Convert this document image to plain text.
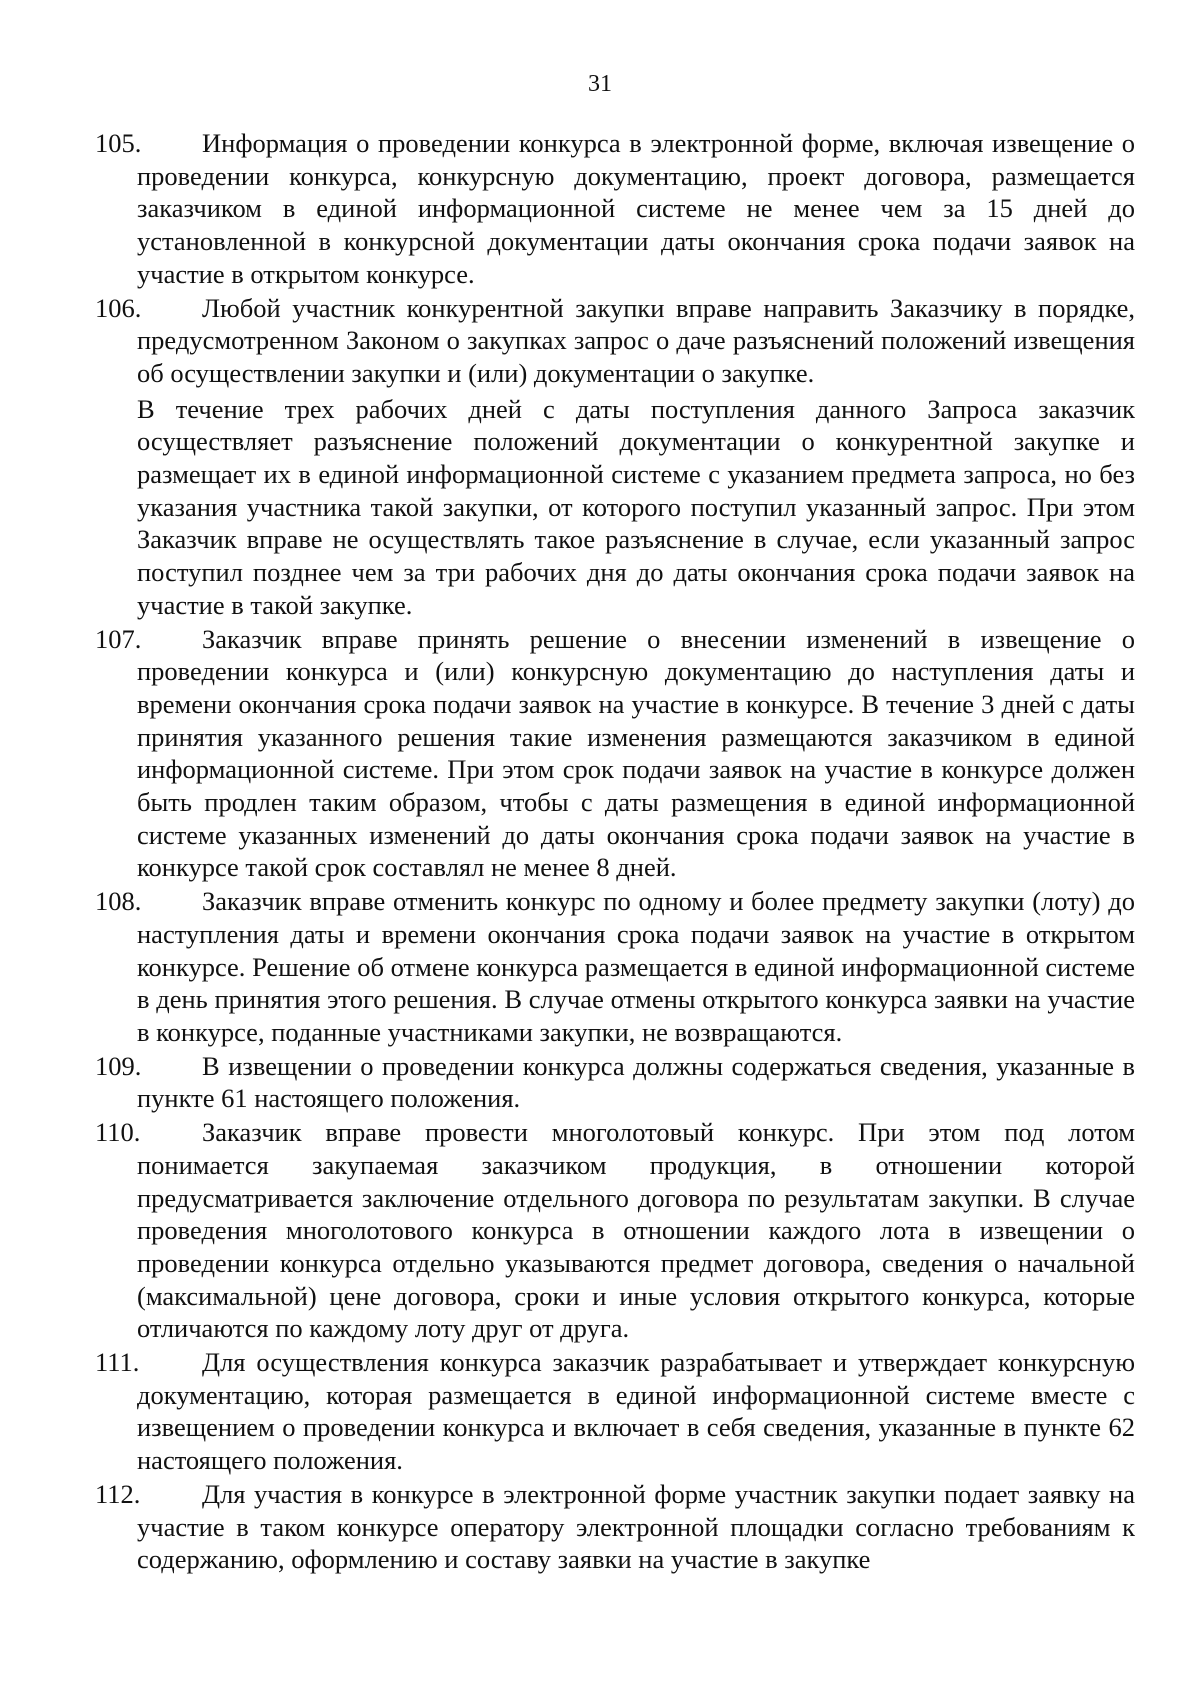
31
105.	Информация о проведении конкурса в электронной форме, включая извещение о проведении конкурса, конкурсную документацию, проект договора, размещается заказчиком в единой информационной системе не менее чем за 15 дней до установленной в конкурсной документации даты окончания срока подачи заявок на участие в открытом конкурсе.

106.	Любой участник конкурентной закупки вправе направить Заказчику в порядке, предусмотренном Законом о закупках запрос о даче разъяснений положений извещения об осуществлении закупки и (или) документации о закупке.

В течение трех рабочих дней с даты поступления данного Запроса заказчик осуществляет разъяснение положений документации о конкурентной закупке и размещает их в единой информационной системе с указанием предмета запроса, но без указания участника такой закупки, от которого поступил указанный запрос. При этом Заказчик вправе не осуществлять такое разъяснение в случае, если указанный запрос поступил позднее чем за три рабочих дня до даты окончания срока подачи заявок на участие в такой закупке.

107.	Заказчик вправе принять решение о внесении изменений в извещение о проведении конкурса и (или) конкурсную документацию до наступления даты и времени окончания срока подачи заявок на участие в конкурсе. В течение 3 дней с даты принятия указанного решения такие изменения размещаются заказчиком в единой информационной системе. При этом срок подачи заявок на участие в конкурсе должен быть продлен таким образом, чтобы с даты размещения в единой информационной системе указанных изменений до даты окончания срока подачи заявок на участие в конкурсе такой срок составлял не менее 8 дней.

108.	Заказчик вправе отменить конкурс по одному и более предмету закупки (лоту) до наступления даты и времени окончания срока подачи заявок на участие в открытом конкурсе. Решение об отмене конкурса размещается в единой информационной системе в день принятия этого решения. В случае отмены открытого конкурса заявки на участие в конкурсе, поданные участниками закупки, не возвращаются.

109.	В извещении о проведении конкурса должны содержаться сведения, указанные в пункте 61 настоящего положения.

110.	Заказчик вправе провести многолотовый конкурс. При этом под лотом понимается закупаемая заказчиком продукция, в отношении которой предусматривается заключение отдельного договора по результатам закупки. В случае проведения многолотового конкурса в отношении каждого лота в извещении о проведении конкурса отдельно указываются предмет договора, сведения о начальной (максимальной) цене договора, сроки и иные условия открытого конкурса, которые отличаются по каждому лоту друг от друга.

111.	Для осуществления конкурса заказчик разрабатывает и утверждает конкурсную документацию, которая размещается в единой информационной системе вместе с извещением о проведении конкурса и включает в себя сведения, указанные в пункте 62 настоящего положения.

112.	Для участия в конкурсе в электронной форме участник закупки подает заявку на участие в таком конкурсе оператору электронной площадки согласно требованиям к содержанию, оформлению и составу заявки на участие в закупке
